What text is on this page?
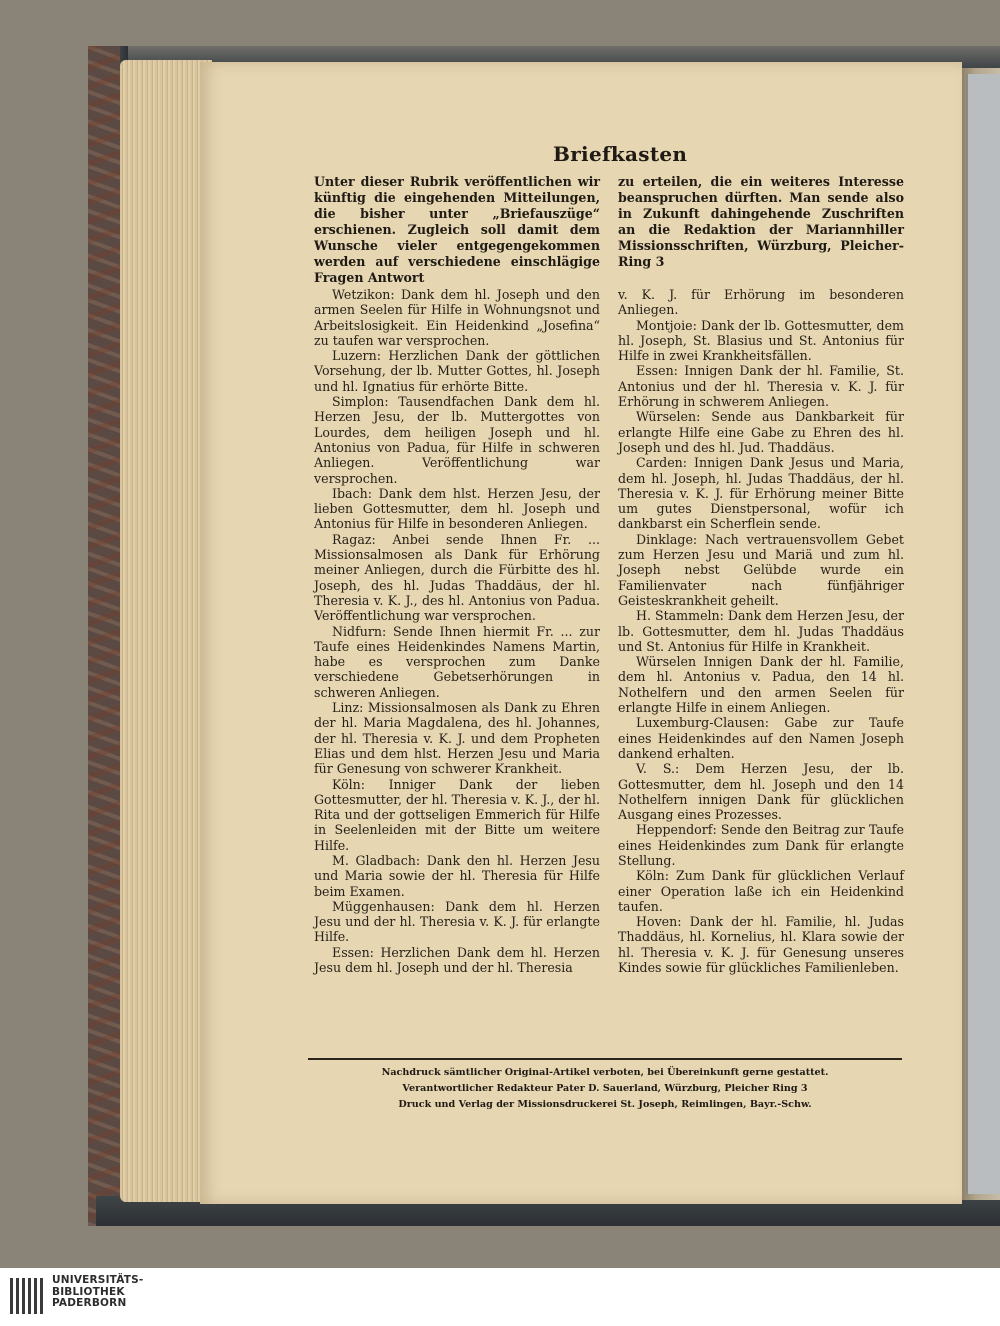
Briefkasten
Unter dieser Rubrik veröffentlichen wir künftig die eingehenden Mitteilungen, die bisher unter „Briefauszüge“ erschienen. Zugleich soll damit dem Wunsche vieler entgegengekommen werden auf verschiedene einschlägige Fragen Antwort
zu erteilen, die ein weiteres Interesse beanspruchen dürften. Man sende also in Zukunft dahingehende Zuschriften an die Redaktion der Mariannhiller Missionsschriften, Würzburg, Pleicher-Ring 3

Wetzikon: Dank dem hl. Joseph und den armen Seelen für Hilfe in Wohnungsnot und Arbeitslosigkeit. Ein Heidenkind „Josefina“ zu taufen war versprochen.

Luzern: Herzlichen Dank der göttlichen Vorsehung, der lb. Mutter Gottes, hl. Joseph und hl. Ignatius für erhörte Bitte.

Simplon: Tausendfachen Dank dem hl. Herzen Jesu, der lb. Muttergottes von Lourdes, dem heiligen Joseph und hl. Antonius von Padua, für Hilfe in schweren Anliegen. Veröffentlichung war versprochen.

Ibach: Dank dem hlst. Herzen Jesu, der lieben Gottesmutter, dem hl. Joseph und Antonius für Hilfe in besonderen Anliegen.

Ragaz: Anbei sende Ihnen Fr. ... Missionsalmosen als Dank für Erhörung meiner Anliegen, durch die Fürbitte des hl. Joseph, des hl. Judas Thaddäus, der hl. Theresia v. K. J., des hl. Antonius von Padua. Veröffentlichung war versprochen.

Nidfurn: Sende Ihnen hiermit Fr. ... zur Taufe eines Heidenkindes Namens Martin, habe es versprochen zum Danke verschiedene Gebetserhörungen in schweren Anliegen.

Linz: Missionsalmosen als Dank zu Ehren der hl. Maria Magdalena, des hl. Johannes, der hl. Theresia v. K. J. und dem Propheten Elias und dem hlst. Herzen Jesu und Maria für Genesung von schwerer Krankheit.

Köln: Inniger Dank der lieben Gottesmutter, der hl. Theresia v. K. J., der hl. Rita und der gottseligen Emmerich für Hilfe in Seelenleiden mit der Bitte um weitere Hilfe.

M. Gladbach: Dank den hl. Herzen Jesu und Maria sowie der hl. Theresia für Hilfe beim Examen.

Müggenhausen: Dank dem hl. Herzen Jesu und der hl. Theresia v. K. J. für erlangte Hilfe.

Essen: Herzlichen Dank dem hl. Herzen Jesu dem hl. Joseph und der hl. Theresia

v. K. J. für Erhörung im besonderen Anliegen.

Montjoie: Dank der lb. Gottesmutter, dem hl. Joseph, St. Blasius und St. Antonius für Hilfe in zwei Krankheitsfällen.

Essen: Innigen Dank der hl. Familie, St. Antonius und der hl. Theresia v. K. J. für Erhörung in schwerem Anliegen.

Würselen: Sende aus Dankbarkeit für erlangte Hilfe eine Gabe zu Ehren des hl. Joseph und des hl. Jud. Thaddäus.

Carden: Innigen Dank Jesus und Maria, dem hl. Joseph, hl. Judas Thaddäus, der hl. Theresia v. K. J. für Erhörung meiner Bitte um gutes Dienstpersonal, wofür ich dankbarst ein Scherflein sende.

Dinklage: Nach vertrauensvollem Gebet zum Herzen Jesu und Mariä und zum hl. Joseph nebst Gelübde wurde ein Familienvater nach fünfjähriger Geisteskrankheit geheilt.

H. Stammeln: Dank dem Herzen Jesu, der lb. Gottesmutter, dem hl. Judas Thaddäus und St. Antonius für Hilfe in Krankheit.

Würselen Innigen Dank der hl. Familie, dem hl. Antonius v. Padua, den 14 hl. Nothelfern und den armen Seelen für erlangte Hilfe in einem Anliegen.

Luxemburg-Clausen: Gabe zur Taufe eines Heidenkindes auf den Namen Joseph dankend erhalten.

V. S.: Dem Herzen Jesu, der lb. Gottesmutter, dem hl. Joseph und den 14 Nothelfern innigen Dank für glücklichen Ausgang eines Prozesses.

Heppendorf: Sende den Beitrag zur Taufe eines Heidenkindes zum Dank für erlangte Stellung.

Köln: Zum Dank für glücklichen Verlauf einer Operation laße ich ein Heidenkind taufen.

Hoven: Dank der hl. Familie, hl. Judas Thaddäus, hl. Kornelius, hl. Klara sowie der hl. Theresia v. K. J. für Genesung unseres Kindes sowie für glückliches Familienleben.

Nachdruck sämtlicher Original-Artikel verboten, bei Übereinkunft gerne gestattet.
Verantwortlicher Redakteur Pater D. Sauerland, Würzburg, Pleicher Ring 3
Druck und Verlag der Missionsdruckerei St. Joseph, Reimlingen, Bayr.-Schw.
UNIVERSITÄTS-
BIBLIOTHEK
PADERBORN
